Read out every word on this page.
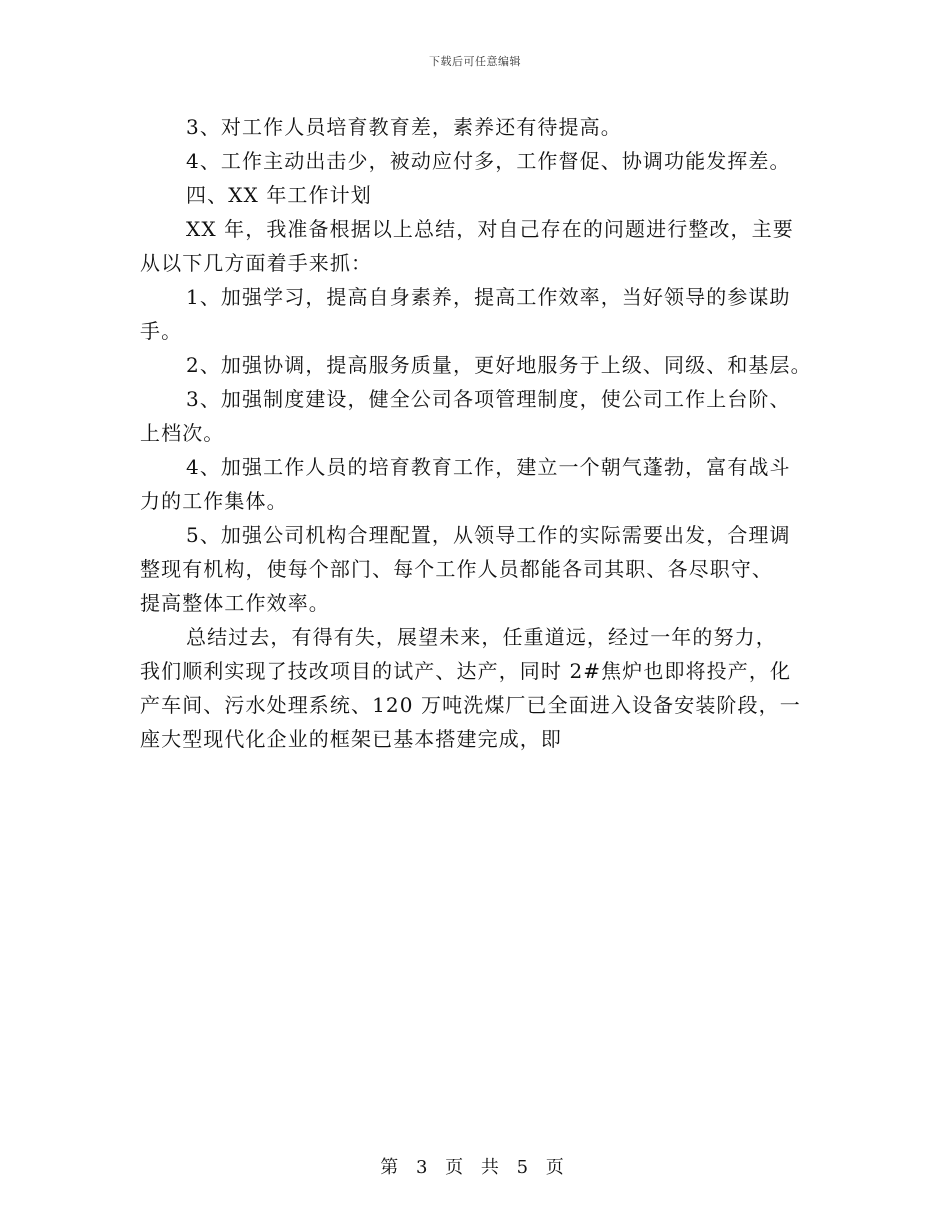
下载后可任意编辑
3、对工作人员培育教育差，素养还有待提高。
4、工作主动出击少，被动应付多，工作督促、协调功能发挥差。
四、XX 年工作计划
XX 年，我准备根据以上总结，对自己存在的问题进行整改，主要
从以下几方面着手来抓：
1、加强学习，提高自身素养，提高工作效率，当好领导的参谋助
手。
2、加强协调，提高服务质量，更好地服务于上级、同级、和基层。
3、加强制度建设，健全公司各项管理制度，使公司工作上台阶、
上档次。
4、加强工作人员的培育教育工作，建立一个朝气蓬勃，富有战斗
力的工作集体。
5、加强公司机构合理配置，从领导工作的实际需要出发，合理调
整现有机构，使每个部门、每个工作人员都能各司其职、各尽职守、
提高整体工作效率。
总结过去，有得有失，展望未来，任重道远，经过一年的努力，
我们顺利实现了技改项目的试产、达产，同时 2#焦炉也即将投产，化
产车间、污水处理系统、120 万吨洗煤厂已全面进入设备安装阶段，一
座大型现代化企业的框架已基本搭建完成，即
第 3 页 共 5 页
